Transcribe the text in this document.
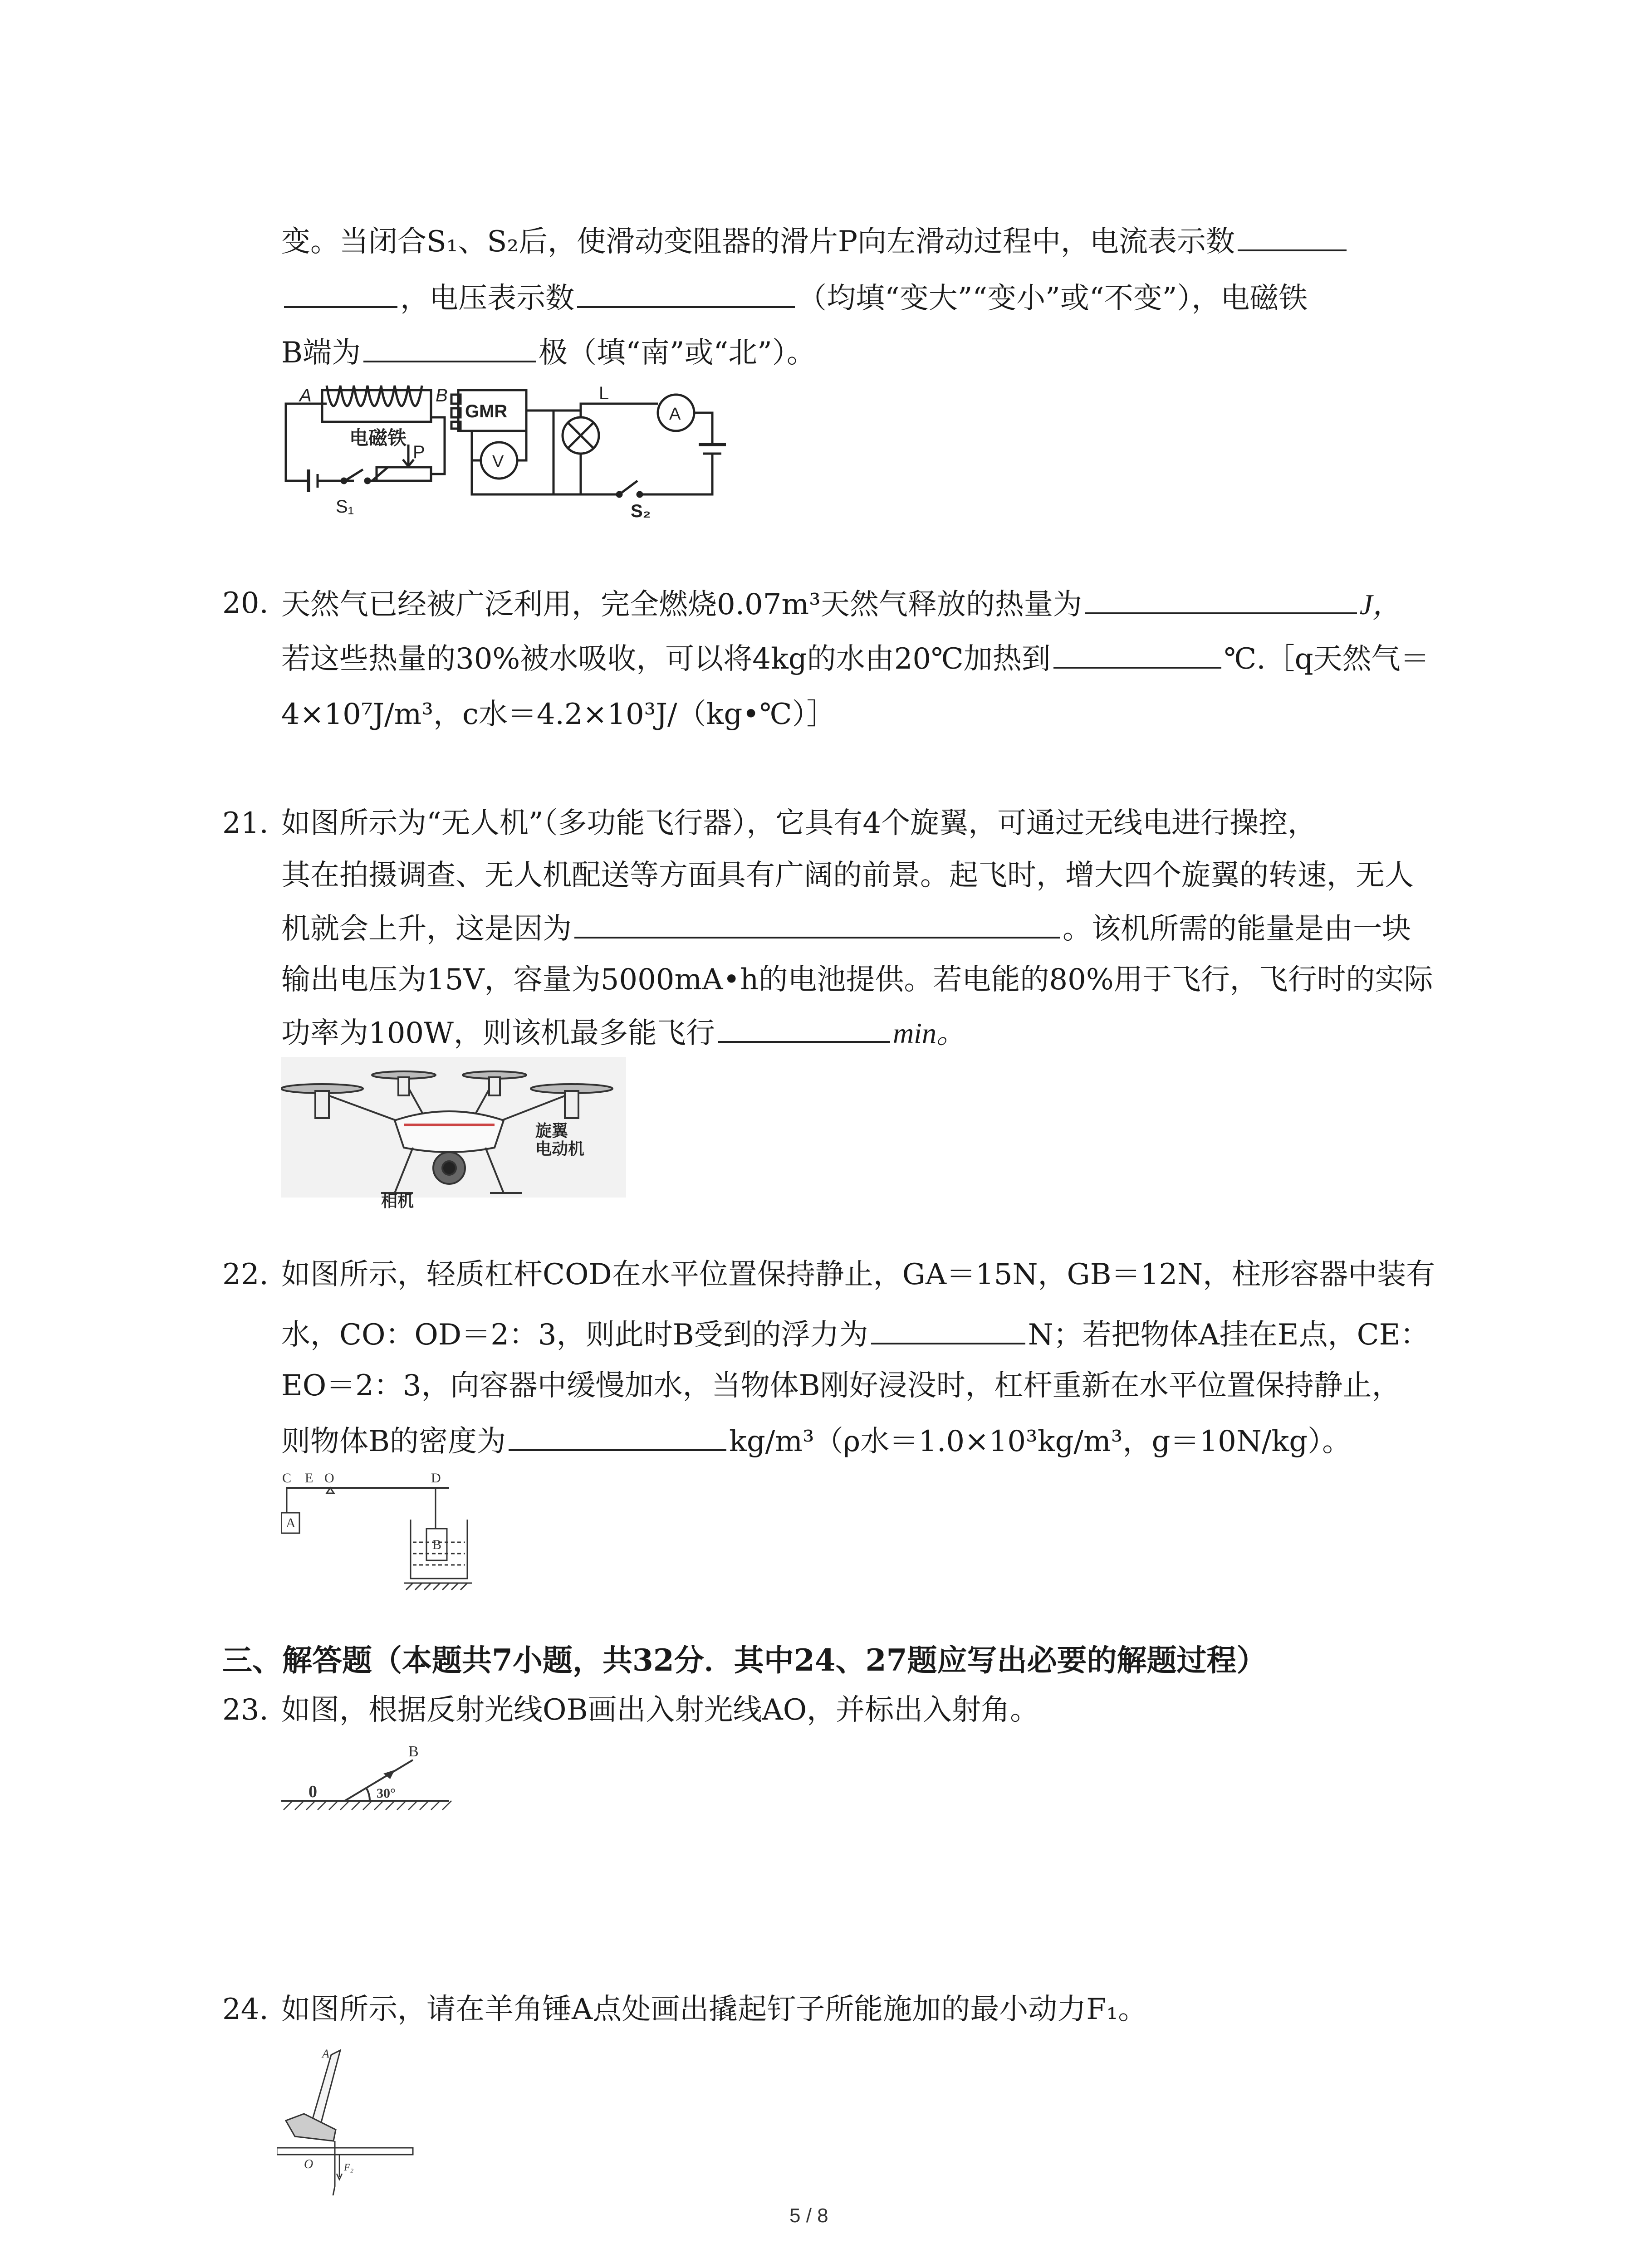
变。当闭合S₁、S₂后，使滑动变阻器的滑片P向左滑动过程中，电流表示数
，电压表示数	（均填“变大”“变小”或“不变”），电磁铁
B端为	极（填“南”或“北”）。
A	B
电磁铁
P
S₁	S₂
GMR
V
L
A
20. 天然气已经被广泛利用，完全燃烧0.07m³天然气释放的热量为	J，
若这些热量的30%被水吸收，可以将4kg的水由20℃加热到	℃.［q天然气＝
4×10⁷J/m³，c水＝4.2×10³J/（kg•℃）］
21. 如图所示为“无人机”（多功能飞行器），它具有4个旋翼，可通过无线电进行操控，
其在拍摄调查、无人机配送等方面具有广阔的前景。起飞时，增大四个旋翼的转速，无人
机就会上升，这是因为	。该机所需的能量是由一块
输出电压为15V，容量为5000mA•h的电池提供。若电能的80%用于飞行，飞行时的实际
功率为100W，则该机最多能飞行	min。
旋翼
电动机
相机
22. 如图所示，轻质杠杆COD在水平位置保持静止，GA＝15N，GB＝12N，柱形容器中装有
水，CO：OD＝2：3，则此时B受到的浮力为	N；若把物体A挂在E点，CE：
EO＝2：3，向容器中缓慢加水，当物体B刚好浸没时，杠杆重新在水平位置保持静止，
则物体B的密度为	kg/m³（ρ水＝1.0×10³kg/m³，g＝10N/kg）。
C E O	D
A
B
三、解答题（本题共7小题，共32分．其中24、27题应写出必要的解题过程）
23. 如图，根据反射光线OB画出入射光线AO，并标出入射角。
B
0	30°
24. 如图所示，请在羊角锤A点处画出撬起钉子所能施加的最小动力F₁。
A
O	F₂
5 / 8
